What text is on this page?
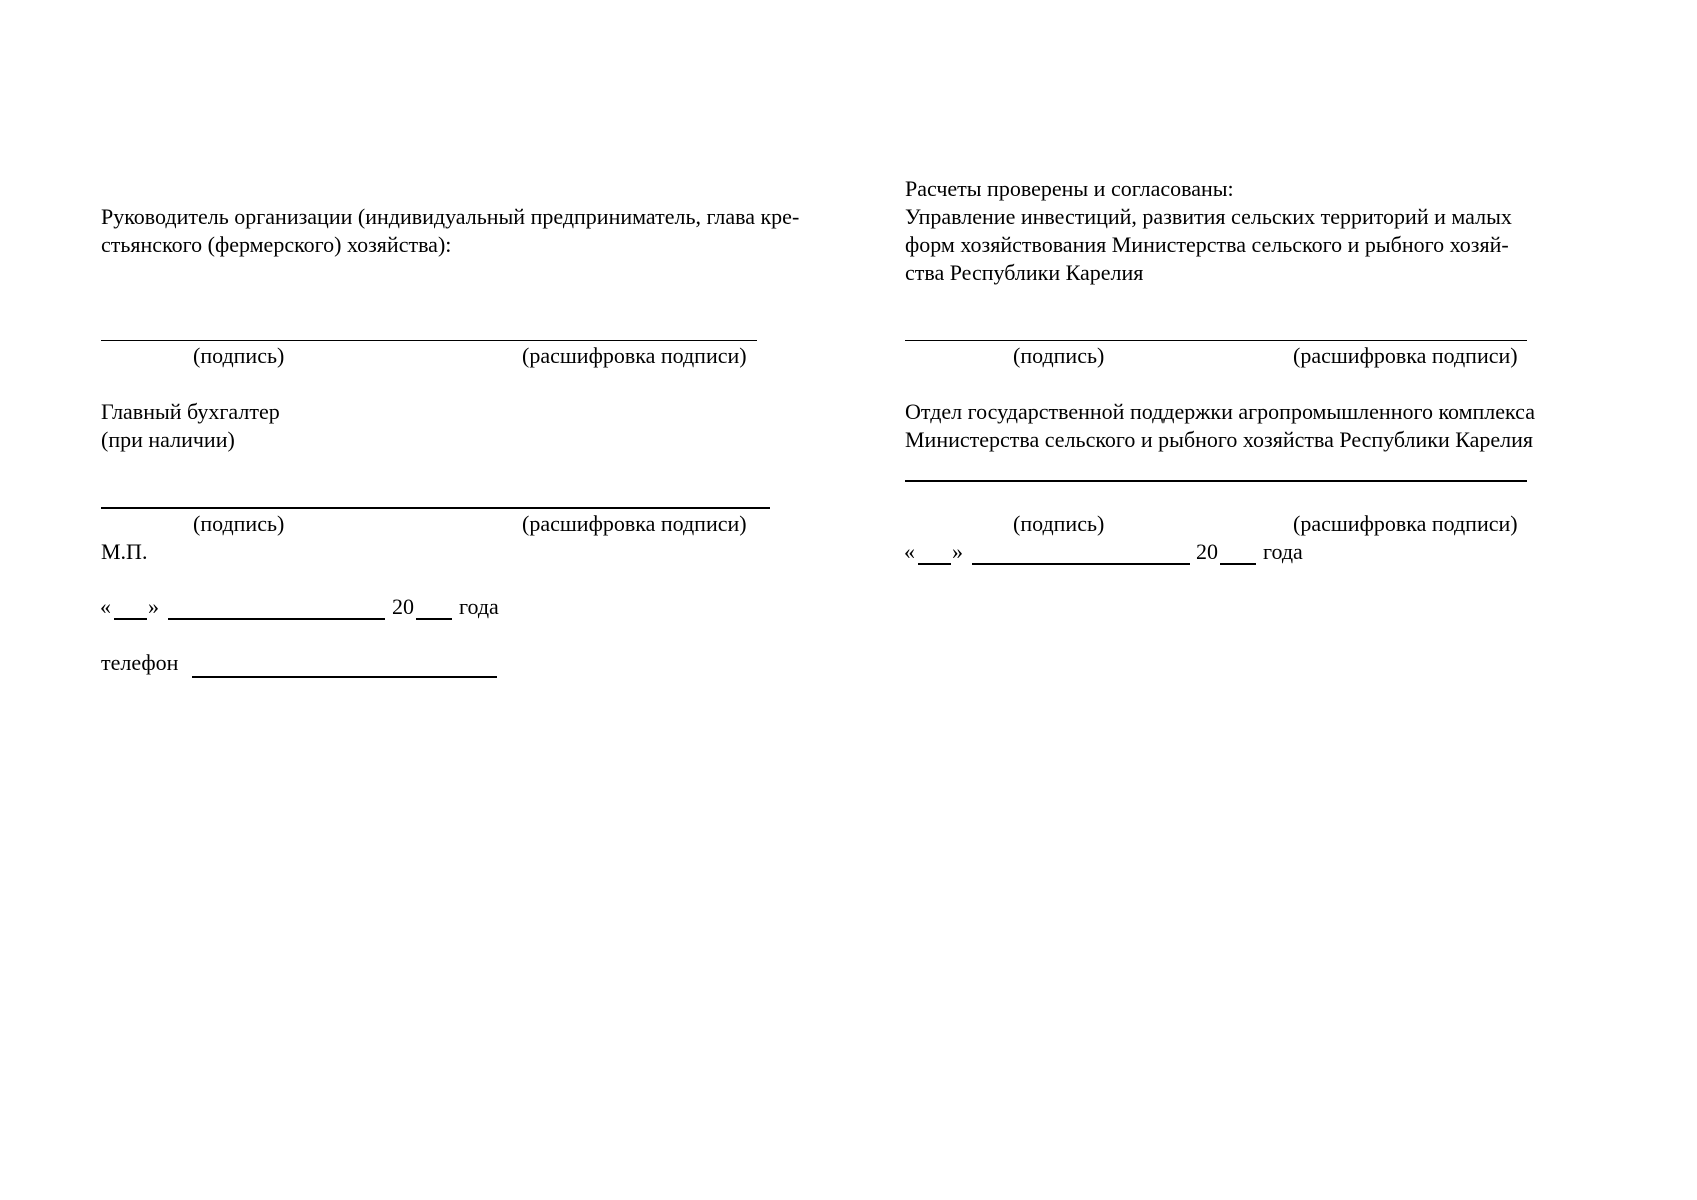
Руководитель организации (индивидуальный предприниматель, глава кре-

стьянского (фермерского) хозяйства):

(подпись)	(расшифровка подписи)

Главный бухгалтер

(при наличии)

(подпись)	(расшифровка подписи)

М.П.

« »	20 года
телефон

Расчеты проверены и согласованы:

Управление инвестиций, развития сельских территорий и малых

форм хозяйствования Министерства сельского и рыбного хозяй-

ства Республики Карелия

(подпись)	(расшифровка подписи)

Отдел государственной поддержки агропромышленного комплекса

Министерства сельского и рыбного хозяйства Республики Карелия

(подпись)	(расшифровка подписи)

« »	20 года
